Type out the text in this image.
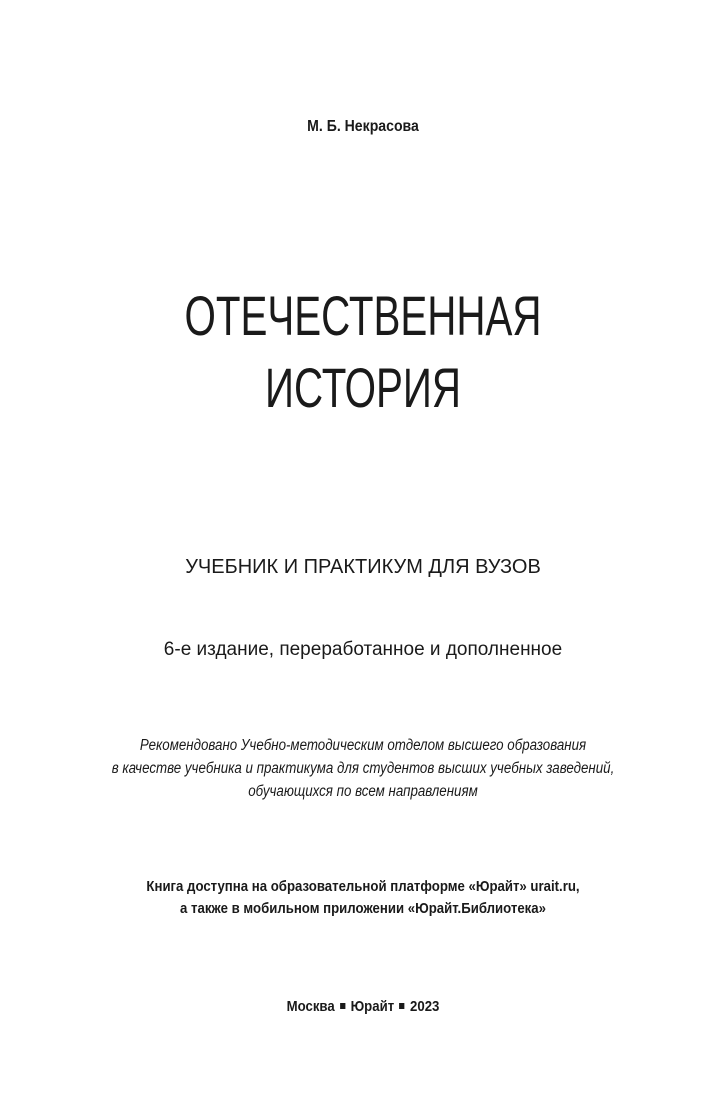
М. Б. Некрасова
ОТЕЧЕСТВЕННАЯ
ИСТОРИЯ
УЧЕБНИК И ПРАКТИКУМ ДЛЯ ВУЗОВ
6-е издание, переработанное и дополненное
Рекомендовано Учебно-методическим отделом высшего образования
в качестве учебника и практикума для студентов высших учебных заведений,
обучающихся по всем направлениям
Книга доступна на образовательной платформе «Юрайт» urait.ru,
а также в мобильном приложении «Юрайт.Библиотека»
Москва Юрайт 2023
